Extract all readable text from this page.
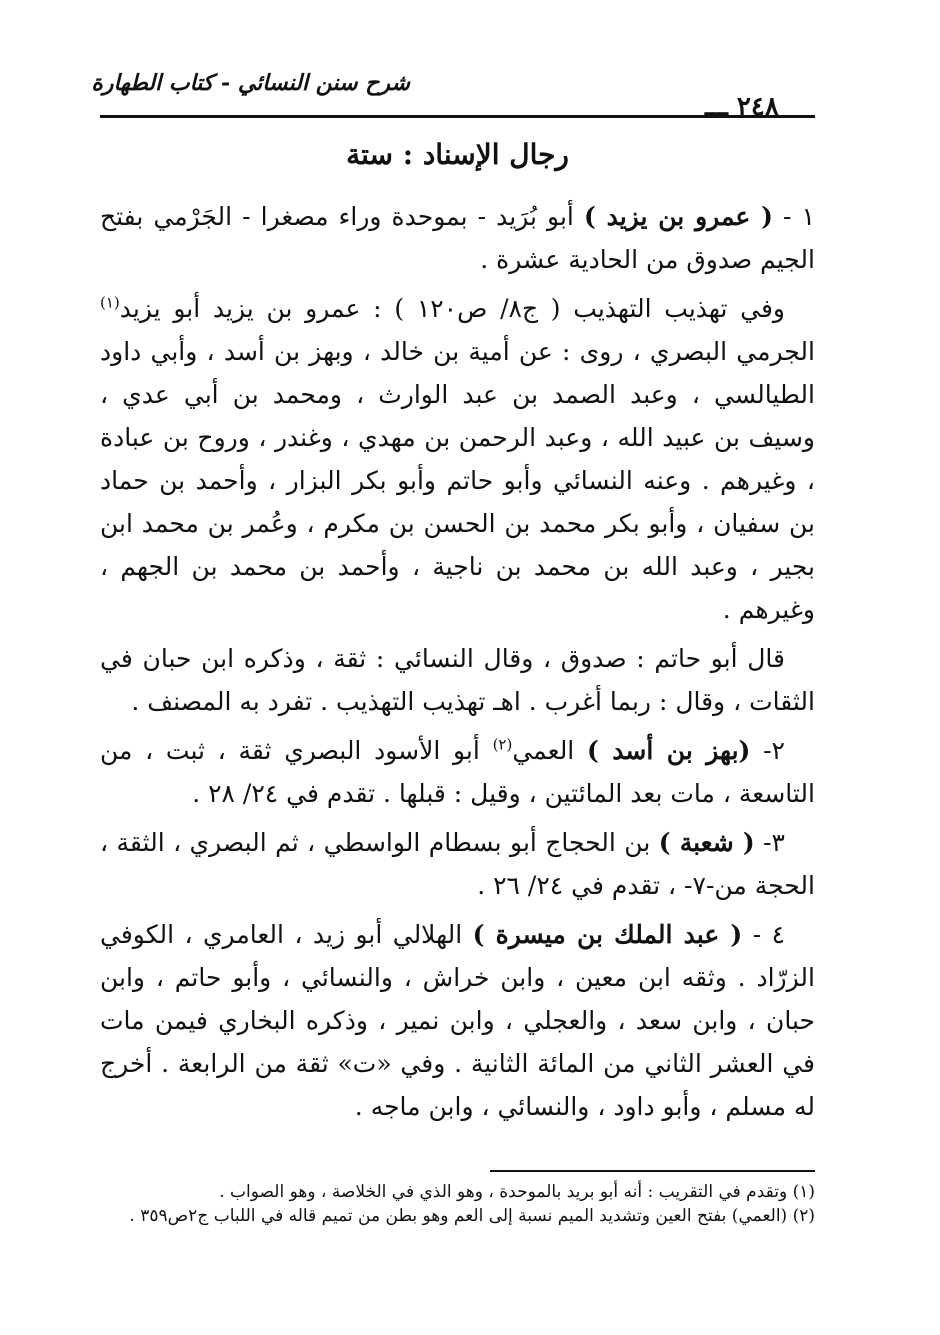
شرح سنن النسائي - كتاب الطهارة
٢٤٨ ـــ
رجال الإسناد : ستة

١ - ( عمرو بن يزيد ) أبو بُرَيد - بموحدة وراء مصغرا - الجَرْمي بفتح الجيم صدوق من الحادية عشرة .

وفي تهذيب التهذيب ( ج٨/ ص١٢٠ ) : عمرو بن يزيد أبو يزيد$^{(١)}$ الجرمي البصري ، روى : عن أمية بن خالد ، وبهز بن أسد ، وأبي داود الطيالسي ، وعبد الصمد بن عبد الوارث ، ومحمد بن أبي عدي ، وسيف بن عبيد الله ، وعبد الرحمن بن مهدي ، وغندر ، وروح بن عبادة ، وغيرهم . وعنه النسائي وأبو حاتم وأبو بكر البزار ، وأحمد بن حماد بن سفيان ، وأبو بكر محمد بن الحسن بن مكرم ، وعُمر بن محمد ابن بجير ، وعبد الله بن محمد بن ناجية ، وأحمد بن محمد بن الجهم ، وغيرهم .

قال أبو حاتم : صدوق ، وقال النسائي : ثقة ، وذكره ابن حبان في الثقات ، وقال : ربما أغرب . اهـ تهذيب التهذيب . تفرد به المصنف .

٢- (بهز بن أسد ) العمي$^{(٢)}$ أبو الأسود البصري ثقة ، ثبت ، من التاسعة ، مات بعد المائتين ، وقيل : قبلها . تقدم في ٢٤/ ٢٨ .

٣- ( شعبة ) بن الحجاج أبو بسطام الواسطي ، ثم البصري ، الثقة ، الحجة من-٧- ، تقدم في ٢٤/ ٢٦ .

٤ - ( عبد الملك بن ميسرة ) الهلالي أبو زيد ، العامري ، الكوفي الزرّاد . وثقه ابن معين ، وابن خراش ، والنسائي ، وأبو حاتم ، وابن حبان ، وابن سعد ، والعجلي ، وابن نمير ، وذكره البخاري فيمن مات في العشر الثاني من المائة الثانية . وفي «ت» ثقة من الرابعة . أخرج له مسلم ، وأبو داود ، والنسائي ، وابن ماجه .

(١) وتقدم في التقريب : أنه أبو بريد بالموحدة ، وهو الذي في الخلاصة ، وهو الصواب .

(٢) (العمي) بفتح العين وتشديد الميم نسبة إلى العم وهو بطن من تميم قاله في اللباب ج٢ص٣٥٩ .
